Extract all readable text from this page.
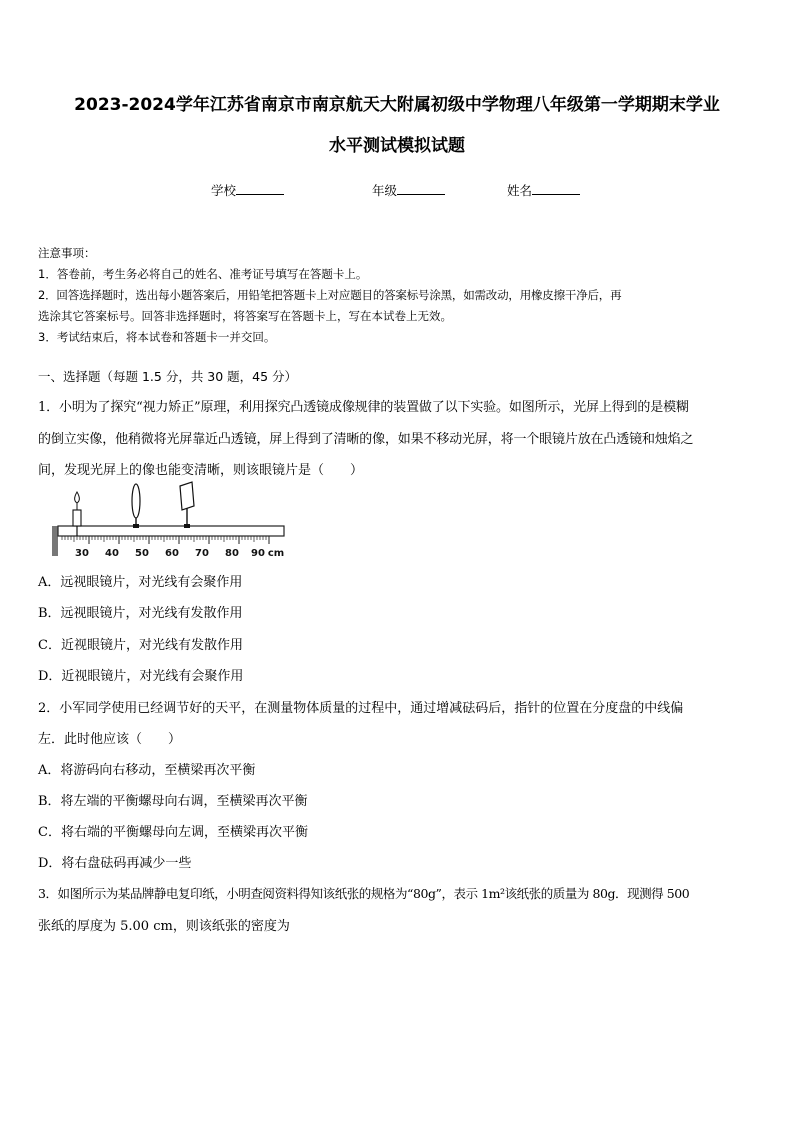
2023-2024学年江苏省南京市南京航天大附属初级中学物理八年级第一学期期末学业
水平测试模拟试题
学校	年级	姓名
注意事项：
1．答卷前，考生务必将自己的姓名、准考证号填写在答题卡上。
2．回答选择题时，选出每小题答案后，用铅笔把答题卡上对应题目的答案标号涂黑，如需改动，用橡皮擦干净后，再
选涂其它答案标号。回答非选择题时，将答案写在答题卡上，写在本试卷上无效。
3．考试结束后，将本试卷和答题卡一并交回。
一、选择题（每题 1.5 分，共 30 题，45 分）
1．小明为了探究“视力矫正”原理，利用探究凸透镜成像规律的装置做了以下实验。如图所示，光屏上得到的是模糊
的倒立实像，他稍微将光屏靠近凸透镜，屏上得到了清晰的像，如果不移动光屏，将一个眼镜片放在凸透镜和烛焰之
间，发现光屏上的像也能变清晰，则该眼镜片是（　　）
30 40 50 60 70 80 90 cm
A．远视眼镜片，对光线有会聚作用
B．远视眼镜片，对光线有发散作用
C．近视眼镜片，对光线有发散作用
D．近视眼镜片，对光线有会聚作用
2．小军同学使用已经调节好的天平，在测量物体质量的过程中，通过增减砝码后，指针的位置在分度盘的中线偏
左．此时他应该（　　）
A．将游码向右移动，至横梁再次平衡
B．将左端的平衡螺母向右调，至横梁再次平衡
C．将右端的平衡螺母向左调，至横梁再次平衡
D．将右盘砝码再减少一些
3．如图所示为某品牌静电复印纸，小明查阅资料得知该纸张的规格为“80g”，表示 1m²该纸张的质量为 80g．现测得 500
张纸的厚度为 5.00 cm，则该纸张的密度为
